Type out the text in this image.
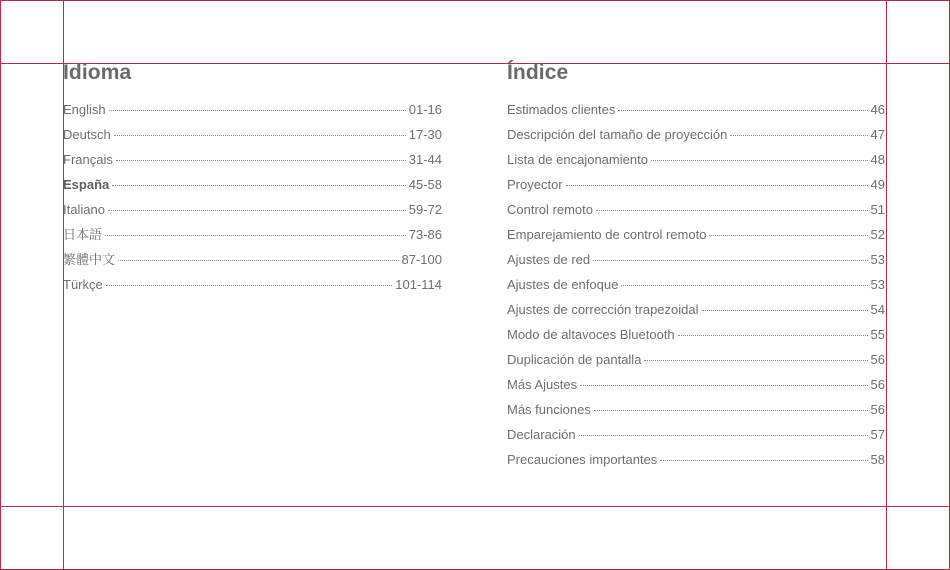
Idioma
English	01-16
Deutsch	17-30
Français	31-44
España	45-58
Italiano	59-72
日本語	73-86
繁體中文	87-100
Türkçe	101-114
Índice
Estimados clientes	46
Descripción del tamaño de proyección	47
Lista de encajonamiento	48
Proyector	49
Control remoto	51
Emparejamiento de control remoto	52
Ajustes de red	53
Ajustes de enfoque	53
Ajustes de corrección trapezoidal	54
Modo de altavoces Bluetooth	55
Duplicación de pantalla	56
Más Ajustes	56
Más funciones	56
Declaración	57
Precauciones importantes	58
